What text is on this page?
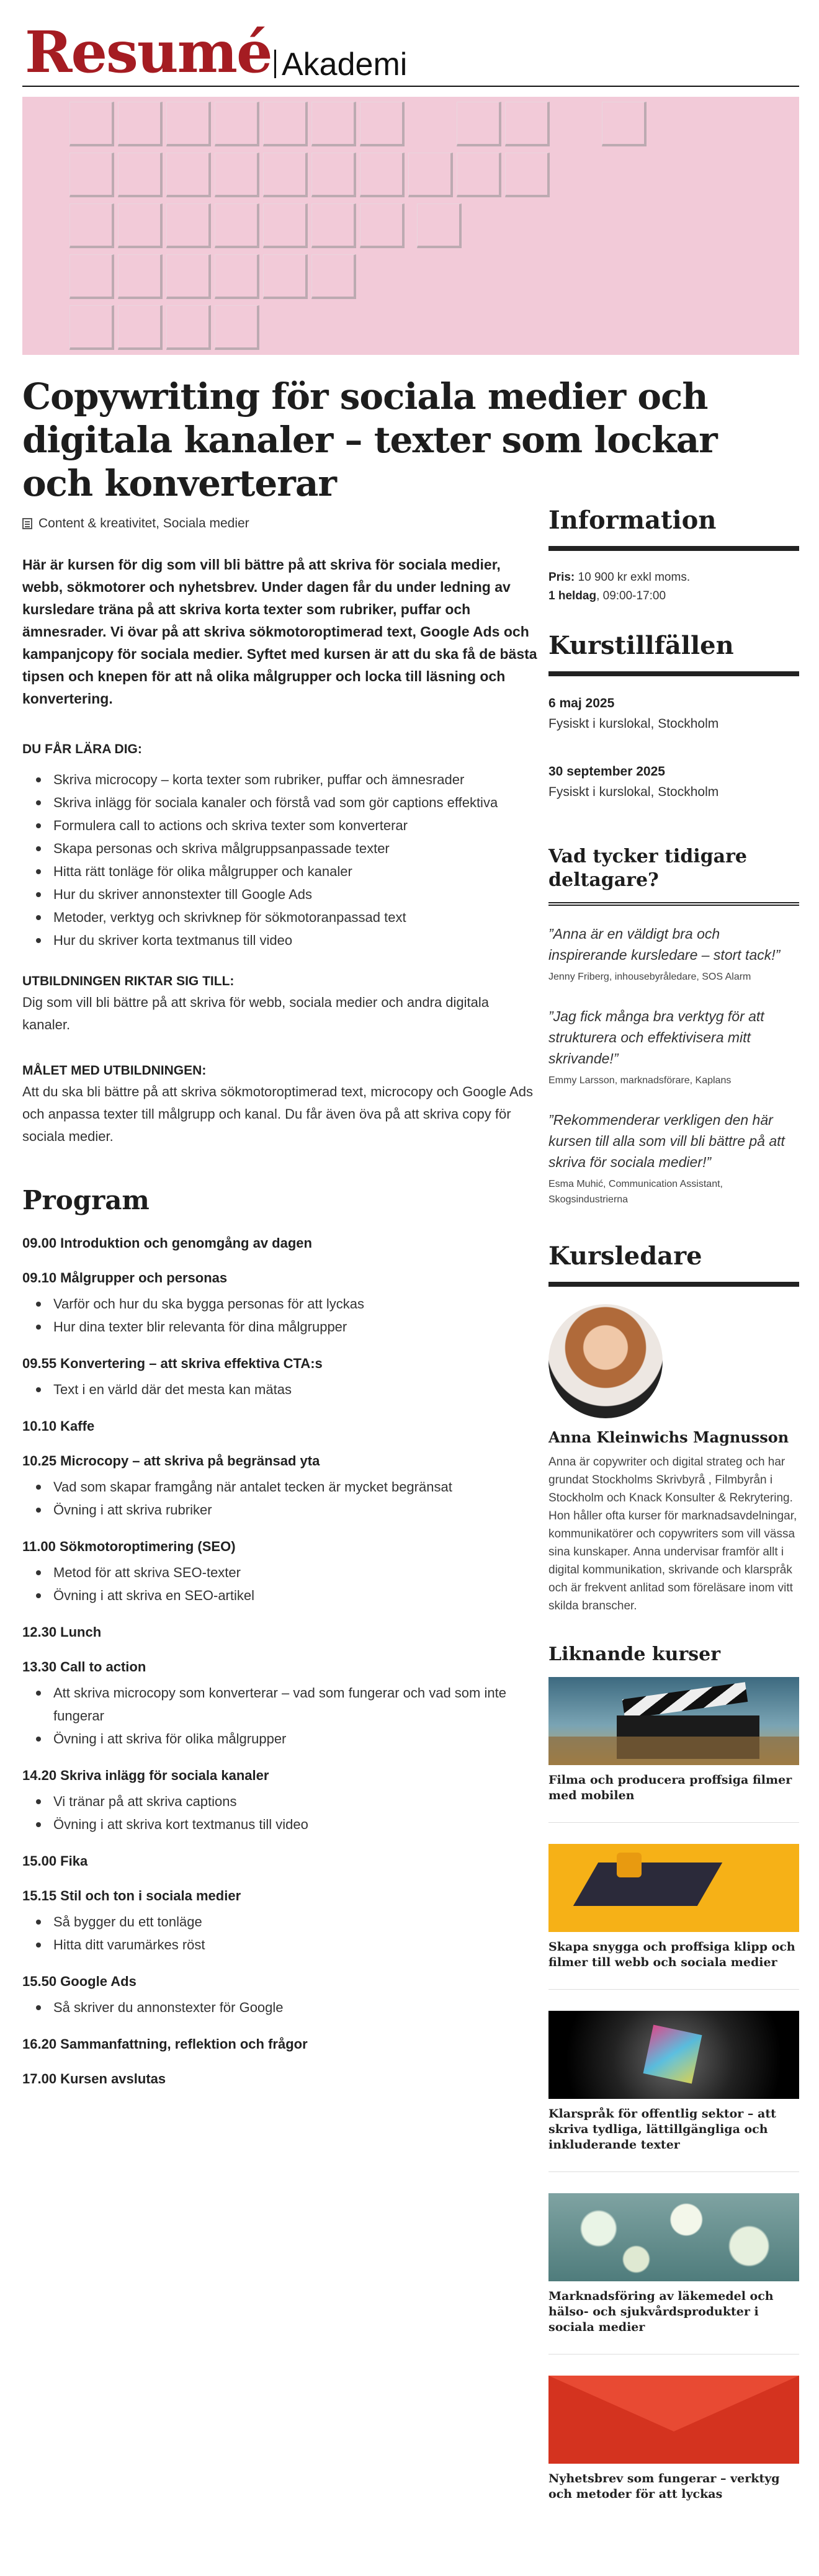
Resumé Akademi
Copywriting för sociala medier och digitala kanaler – texter som lockar och konverterar
Content & kreativitet, Sociala medier

Här är kursen för dig som vill bli bättre på att skriva för sociala medier, webb, sökmotorer och nyhetsbrev. Under dagen får du under ledning av kursledare träna på att skriva korta texter som rubriker, puffar och ämnesrader. Vi övar på att skriva sökmotoroptimerad text, Google Ads och kampanjcopy för sociala medier. Syftet med kursen är att du ska få de bästa tipsen och knepen för att nå olika målgrupper och locka till läsning och konvertering.

DU FÅR LÄRA DIG:
Skriva microcopy – korta texter som rubriker, puffar och ämnesrader
Skriva inlägg för sociala kanaler och förstå vad som gör captions effektiva
Formulera call to actions och skriva texter som konverterar
Skapa personas och skriva målgruppsanpassade texter
Hitta rätt tonläge för olika målgrupper och kanaler
Hur du skriver annonstexter till Google Ads
Metoder, verktyg och skrivknep för sökmotoranpassad text
Hur du skriver korta textmanus till video
UTBILDNINGEN RIKTAR SIG TILL:

Dig som vill bli bättre på att skriva för webb, sociala medier och andra digitala kanaler.

MÅLET MED UTBILDNINGEN:

Att du ska bli bättre på att skriva sökmotoroptimerad text, microcopy och Google Ads och anpassa texter till målgrupp och kanal. Du får även öva på att skriva copy för sociala medier.

Program
09.00 Introduktion och genomgång av dagen
09.10 Målgrupper och personas
Varför och hur du ska bygga personas för att lyckas
Hur dina texter blir relevanta för dina målgrupper
09.55 Konvertering – att skriva effektiva CTA:s
Text i en värld där det mesta kan mätas
10.10 Kaffe
10.25 Microcopy – att skriva på begränsad yta
Vad som skapar framgång när antalet tecken är mycket begränsat
Övning i att skriva rubriker
11.00 Sökmotoroptimering (SEO)
Metod för att skriva SEO-texter
Övning i att skriva en SEO-artikel
12.30 Lunch
13.30 Call to action
Att skriva microcopy som konverterar – vad som fungerar och vad som inte fungerar
Övning i att skriva för olika målgrupper
14.20 Skriva inlägg för sociala kanaler
Vi tränar på att skriva captions
Övning i att skriva kort textmanus till video
15.00 Fika
15.15 Stil och ton i sociala medier
Så bygger du ett tonläge
Hitta ditt varumärkes röst
15.50 Google Ads
Så skriver du annonstexter för Google
16.20 Sammanfattning, reflektion och frågor
17.00 Kursen avslutas
Information
Pris: 10 900 kr exkl moms.
1 heldag, 09:00-17:00
Kurstillfällen
6 maj 2025
Fysiskt i kurslokal, Stockholm
30 september 2025
Fysiskt i kurslokal, Stockholm
Vad tycker tidigare deltagare?

”Anna är en väldigt bra och inspirerande kursledare – stort tack!”

Jenny Friberg, inhousebyråledare, SOS Alarm

”Jag fick många bra verktyg för att strukturera och effektivisera mitt skrivande!”

Emmy Larsson, marknadsförare, Kaplans

”Rekommenderar verkligen den här kursen till alla som vill bli bättre på att skriva för sociala medier!”

Esma Muhić, Communication Assistant, Skogsindustrierna

Kursledare
Anna Kleinwichs Magnusson

Anna är copywriter och digital strateg och har grundat Stockholms Skrivbyrå , Filmbyrån i Stockholm och Knack Konsulter & Rekrytering. Hon håller ofta kurser för marknadsavdelningar, kommunikatörer och copywriters som vill vässa sina kunskaper. Anna undervisar framför allt i digital kommunikation, skrivande och klarspråk och är frekvent anlitad som föreläsare inom vitt skilda branscher.

Liknande kurser
Filma och producera proffsiga filmer med mobilen
Skapa snygga och proffsiga klipp och filmer till webb och sociala medier
Klarspråk för offentlig sektor – att skriva tydliga, lättillgängliga och inkluderande texter
Marknadsföring av läkemedel och hälso- och sjukvårdsprodukter i sociala medier
Nyhetsbrev som fungerar – verktyg och metoder för att lyckas
